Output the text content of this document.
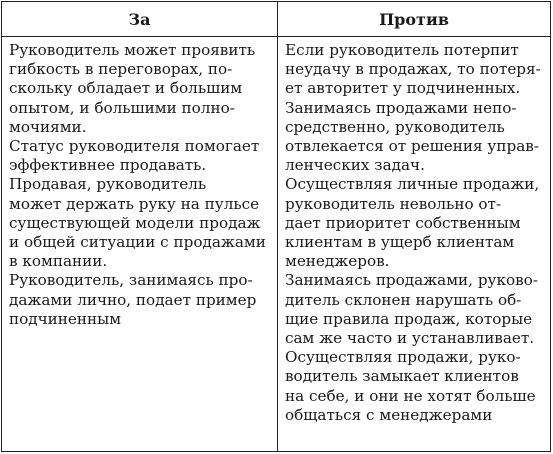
За	Против
Руководитель может проявить
гибкость в переговорах, по-
скольку обладает и большим
опытом, и большими полно-
мочиями.
Статус руководителя помогает
эффективнее продавать.
Продавая, руководитель
может держать руку на пульсе
существующей модели продаж
и общей ситуации с продажами
в компании.
Руководитель, занимаясь про-
дажами лично, подает пример
подчиненным
Если руководитель потерпит
неудачу в продажах, то потеря-
ет авторитет у подчиненных.
Занимаясь продажами непо-
средственно, руководитель
отвлекается от решения управ-
ленческих задач.
Осуществляя личные продажи,
руководитель невольно от-
дает приоритет собственным
клиентам в ущерб клиентам
менеджеров.
Занимаясь продажами, руково-
дитель склонен нарушать об-
щие правила продаж, которые
сам же часто и устанавливает.
Осуществляя продажи, руко-
водитель замыкает клиентов
на себе, и они не хотят больше
общаться с менеджерами
